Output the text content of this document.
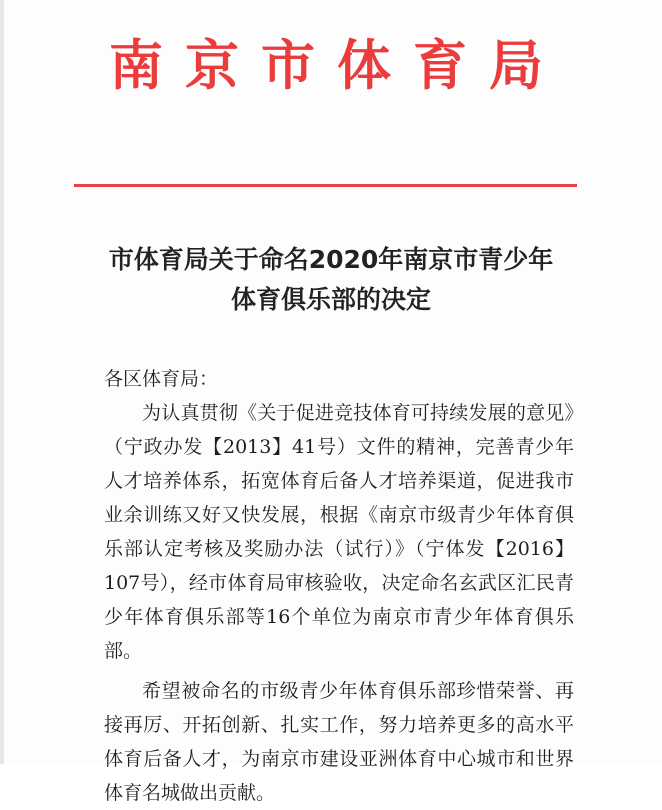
南京市体育局
市体育局关于命名2020年南京市青少年
体育俱乐部的决定

各区体育局：

为认真贯彻《关于促进竞技体育可持续发展的意见》（宁政办发【2013】41号）文件的精神，完善青少年人才培养体系，拓宽体育后备人才培养渠道，促进我市业余训练又好又快发展，根据《南京市级青少年体育俱乐部认定考核及奖励办法（试行）》（宁体发【2016】107号），经市体育局审核验收，决定命名玄武区汇民青少年体育俱乐部等16个单位为南京市青少年体育俱乐部。

希望被命名的市级青少年体育俱乐部珍惜荣誉、再接再厉、开拓创新、扎实工作，努力培养更多的高水平体育后备人才，为南京市建设亚洲体育中心城市和世界体育名城做出贡献。
